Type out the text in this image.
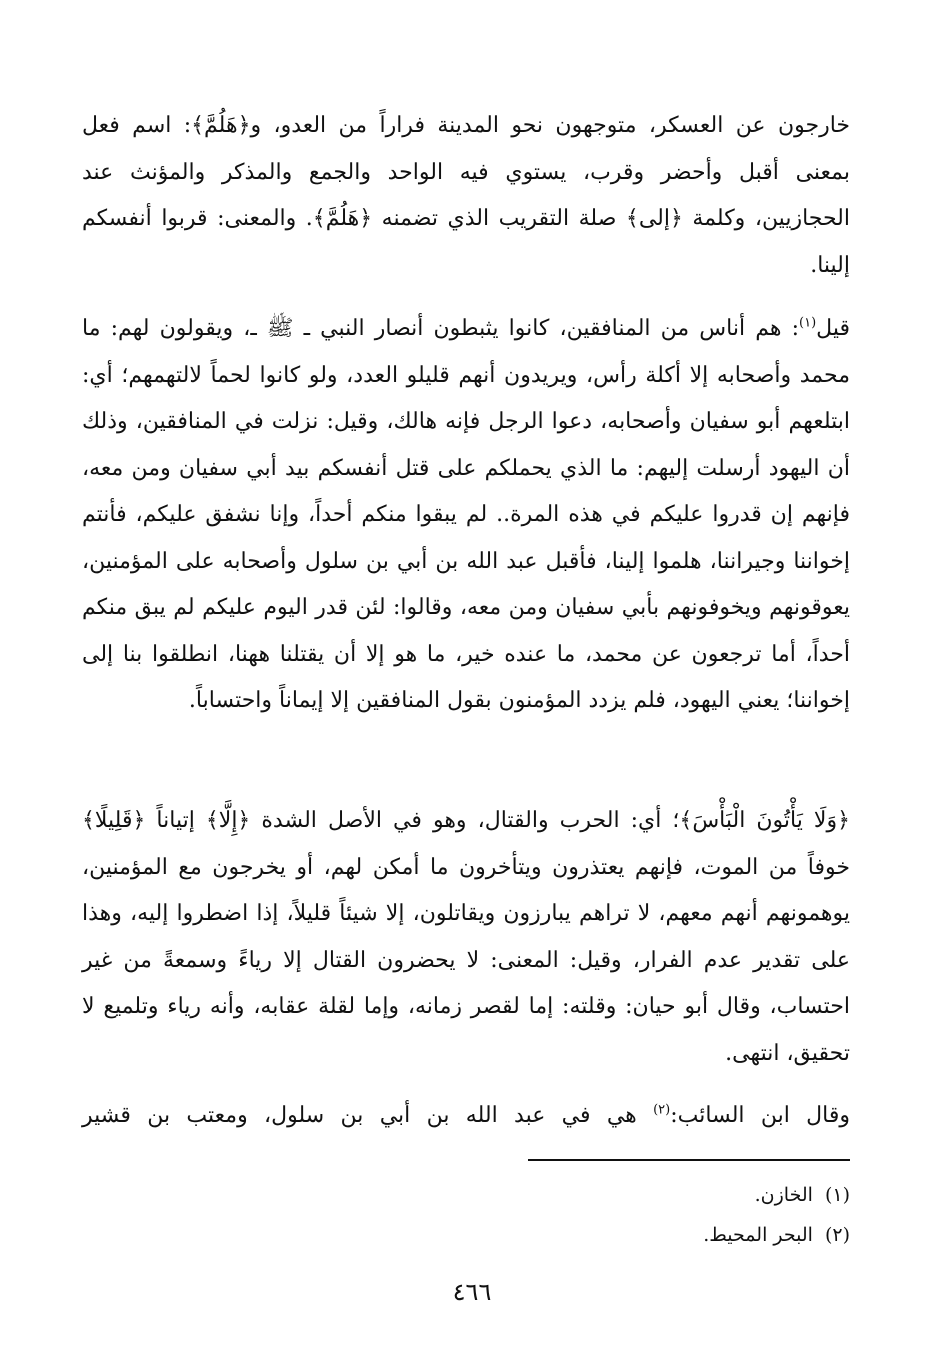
خارجون عن العسكر، متوجهون نحو المدينة فراراً من العدو، و﴿هَلُمَّ﴾: اسم فعل بمعنى أقبل وأحضر وقرب، يستوي فيه الواحد والجمع والمذكر والمؤنث عند الحجازيين، وكلمة ﴿إلى﴾ صلة التقريب الذي تضمنه ﴿هَلُمَّ﴾. والمعنى: قربوا أنفسكم إلينا.
قيل$^{(١)}$: هم أناس من المنافقين، كانوا يثبطون أنصار النبي ـ ﷺ ـ، ويقولون لهم: ما محمد وأصحابه إلا أكلة رأس، ويريدون أنهم قليلو العدد، ولو كانوا لحماً لالتهمهم؛ أي: ابتلعهم أبو سفيان وأصحابه، دعوا الرجل فإنه هالك، وقيل: نزلت في المنافقين، وذلك أن اليهود أرسلت إليهم: ما الذي يحملكم على قتل أنفسكم بيد أبي سفيان ومن معه، فإنهم إن قدروا عليكم في هذه المرة.. لم يبقوا منكم أحداً، وإنا نشفق عليكم، فأنتم إخواننا وجيراننا، هلموا إلينا، فأقبل عبد الله بن أبي بن سلول وأصحابه على المؤمنين، يعوقونهم ويخوفونهم بأبي سفيان ومن معه، وقالوا: لئن قدر اليوم عليكم لم يبق منكم أحداً، أما ترجعون عن محمد، ما عنده خير، ما هو إلا أن يقتلنا ههنا، انطلقوا بنا إلى إخواننا؛ يعني اليهود، فلم يزدد المؤمنون بقول المنافقين إلا إيماناً واحتساباً.
﴿وَلَا يَأْتُونَ الْبَأْسَ﴾؛ أي: الحرب والقتال، وهو في الأصل الشدة ﴿إِلَّا﴾ إتياناً ﴿قَلِيلًا﴾ خوفاً من الموت، فإنهم يعتذرون ويتأخرون ما أمكن لهم، أو يخرجون مع المؤمنين، يوهمونهم أنهم معهم، لا تراهم يبارزون ويقاتلون، إلا شيئاً قليلاً، إذا اضطروا إليه، وهذا على تقدير عدم الفرار، وقيل: المعنى: لا يحضرون القتال إلا رياءً وسمعةً من غير احتساب، وقال أبو حيان: وقلته: إما لقصر زمانه، وإما لقلة عقابه، وأنه رياء وتلميع لا تحقيق، انتهى.
وقال ابن السائب:$^{(٢)}$ هي في عبد الله بن أبي بن سلول، ومعتب بن قشير
(١)الخازن.
(٢)البحر المحيط.
٤٦٦
